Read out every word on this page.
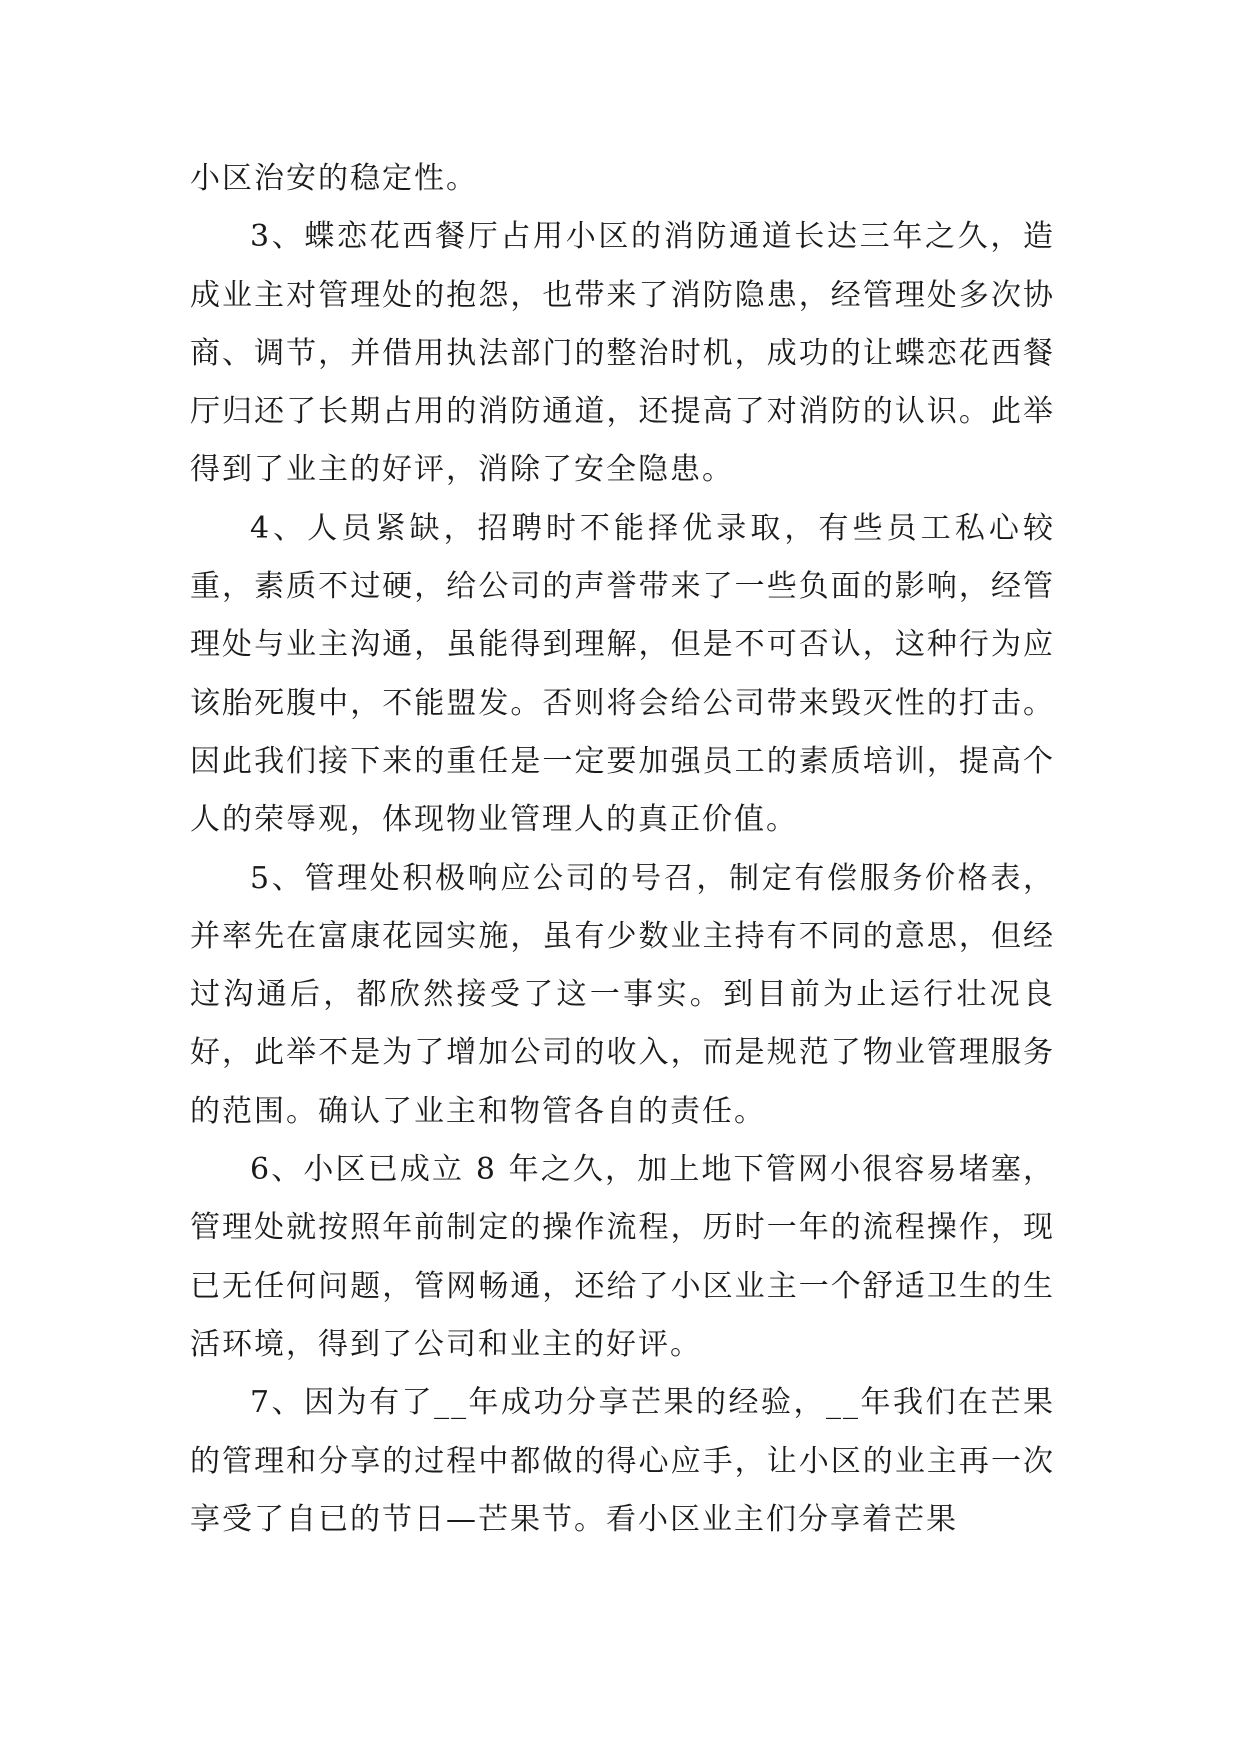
小区治安的稳定性。

3、蝶恋花西餐厅占用小区的消防通道长达三年之久，造成业主对管理处的抱怨，也带来了消防隐患，经管理处多次协商、调节，并借用执法部门的整治时机，成功的让蝶恋花西餐厅归还了长期占用的消防通道，还提高了对消防的认识。此举得到了业主的好评，消除了安全隐患。

4、人员紧缺，招聘时不能择优录取，有些员工私心较重，素质不过硬，给公司的声誉带来了一些负面的影响，经管理处与业主沟通，虽能得到理解，但是不可否认，这种行为应该胎死腹中，不能盟发。否则将会给公司带来毁灭性的打击。因此我们接下来的重任是一定要加强员工的素质培训，提高个人的荣辱观，体现物业管理人的真正价值。

5、管理处积极响应公司的号召，制定有偿服务价格表，并率先在富康花园实施，虽有少数业主持有不同的意思，但经过沟通后，都欣然接受了这一事实。到目前为止运行壮况良好，此举不是为了增加公司的收入，而是规范了物业管理服务的范围。确认了业主和物管各自的责任。

6、小区已成立 8 年之久，加上地下管网小很容易堵塞，管理处就按照年前制定的操作流程，历时一年的流程操作，现已无任何问题，管网畅通，还给了小区业主一个舒适卫生的生活环境，得到了公司和业主的好评。

7、因为有了__年成功分享芒果的经验，__年我们在芒果的管理和分享的过程中都做的得心应手，让小区的业主再一次享受了自已的节日—芒果节。看小区业主们分享着芒果
